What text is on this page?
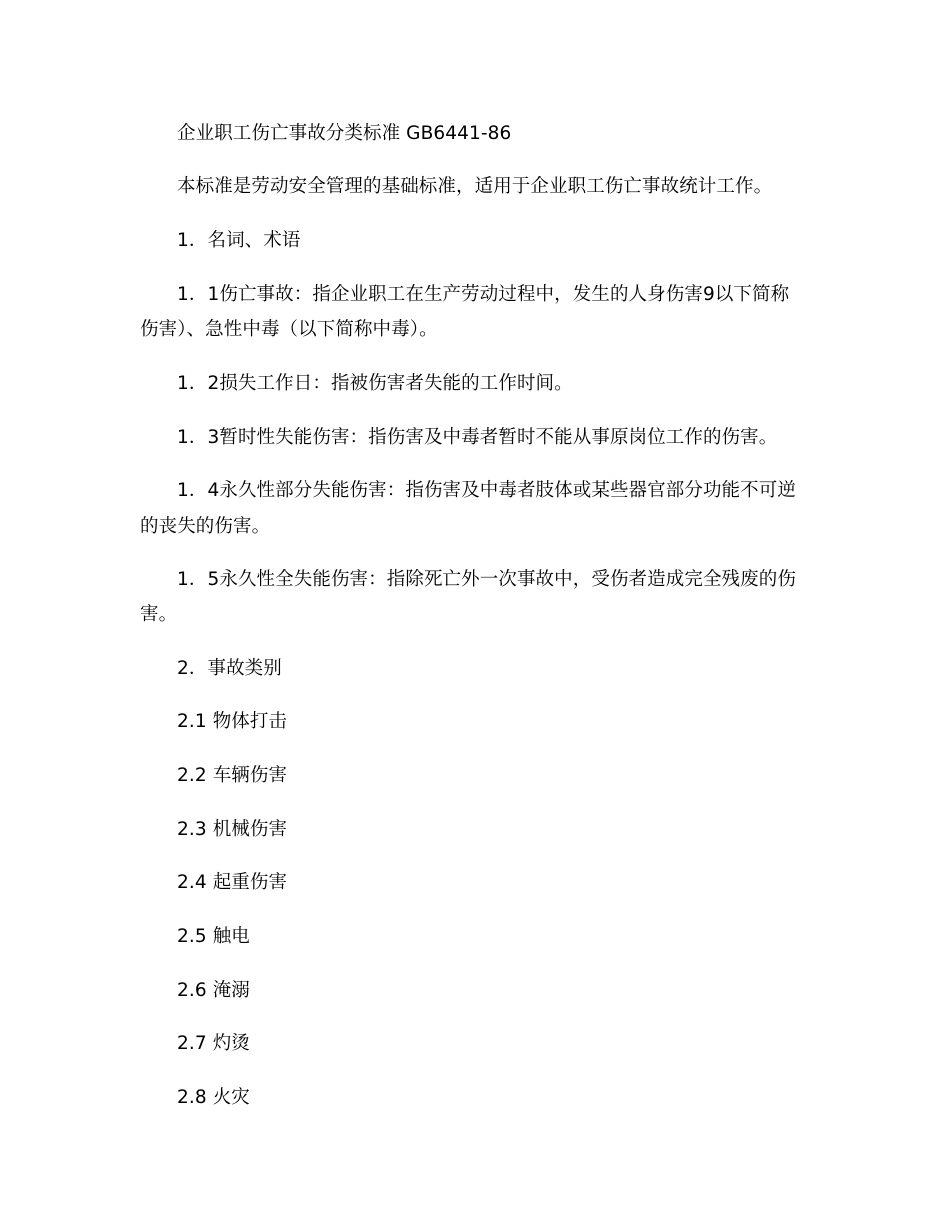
企业职工伤亡事故分类标准 GB6441-86
本标准是劳动安全管理的基础标准，适用于企业职工伤亡事故统计工作。
1．名词、术语
1．1伤亡事故：指企业职工在生产劳动过程中，发生的人身伤害9以下简称
伤害）、急性中毒（以下简称中毒）。
1．2损失工作日：指被伤害者失能的工作时间。
1．3暂时性失能伤害：指伤害及中毒者暂时不能从事原岗位工作的伤害。
1．4永久性部分失能伤害：指伤害及中毒者肢体或某些器官部分功能不可逆
的丧失的伤害。
1．5永久性全失能伤害：指除死亡外一次事故中，受伤者造成完全残废的伤
害。
2．事故类别
2.1 物体打击
2.2 车辆伤害
2.3 机械伤害
2.4 起重伤害
2.5 触电
2.6 淹溺
2.7 灼烫
2.8 火灾
